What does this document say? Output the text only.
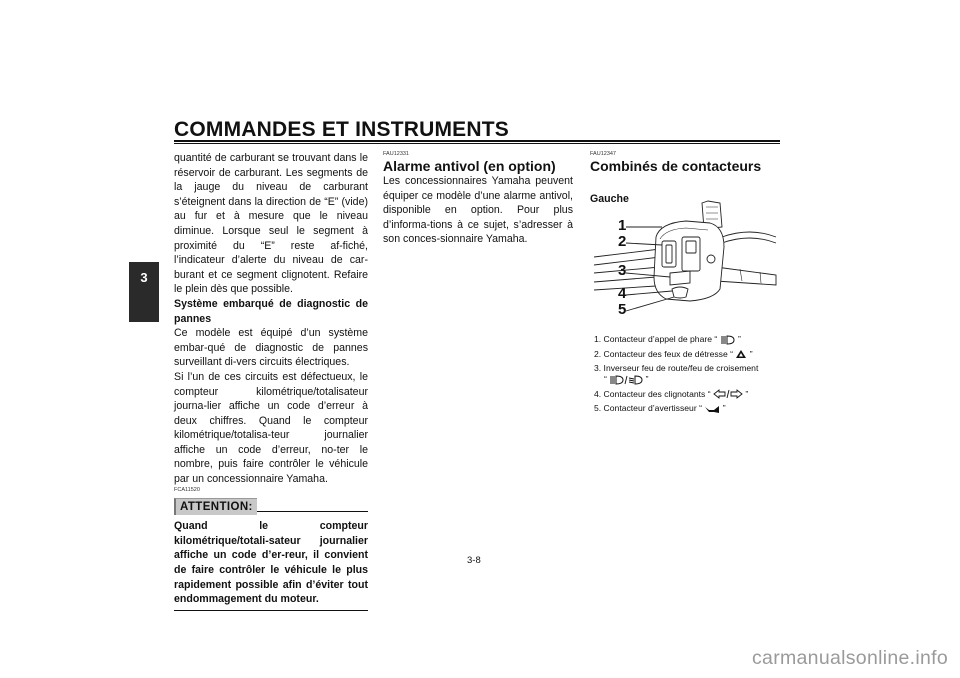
COMMANDES ET INSTRUMENTS
3

quantité de carburant se trouvant dans le réservoir de carburant. Les segments de la jauge du niveau de carburant s’éteignent dans la direction de “E” (vide) au fur et à mesure que le niveau diminue. Lorsque seul le segment à proximité du “E” reste af-fiché, l’indicateur d’alerte du niveau de car-burant et ce segment clignotent. Refaire le plein dès que possible.

Système embarqué de diagnostic de pannes

Ce modèle est équipé d’un système embar-qué de diagnostic de pannes surveillant di-vers circuits électriques.

Si l’un de ces circuits est défectueux, le compteur kilométrique/totalisateur journa-lier affiche un code d’erreur à deux chiffres. Quand le compteur kilométrique/totalisa-teur journalier affiche un code d’erreur, no-ter le nombre, puis faire contrôler le véhicule par un concessionnaire Yamaha.

FCA11520

ATTENTION:

Quand le compteur kilométrique/totali-sateur journalier affiche un code d’er-reur, il convient de faire contrôler le véhicule le plus rapidement possible afin d’éviter tout endommagement du moteur.

FAU12331

Alarme antivol (en option)

Les concessionnaires Yamaha peuvent équiper ce modèle d’une alarme antivol, disponible en option. Pour plus d’informa-tions à ce sujet, s’adresser à son conces-sionnaire Yamaha.

FAU12347

Combinés de contacteurs

Gauche

1
2
3
4
5
1. Contacteur d’appel de phare “ ”
2. Contacteur des feux de détresse “ ”
3. Inverseur feu de route/feu de croisement
“	”
4. Contacteur des clignotants “	”
5. Contacteur d’avertisseur “ ”
3-8
carmanualsonline.info
